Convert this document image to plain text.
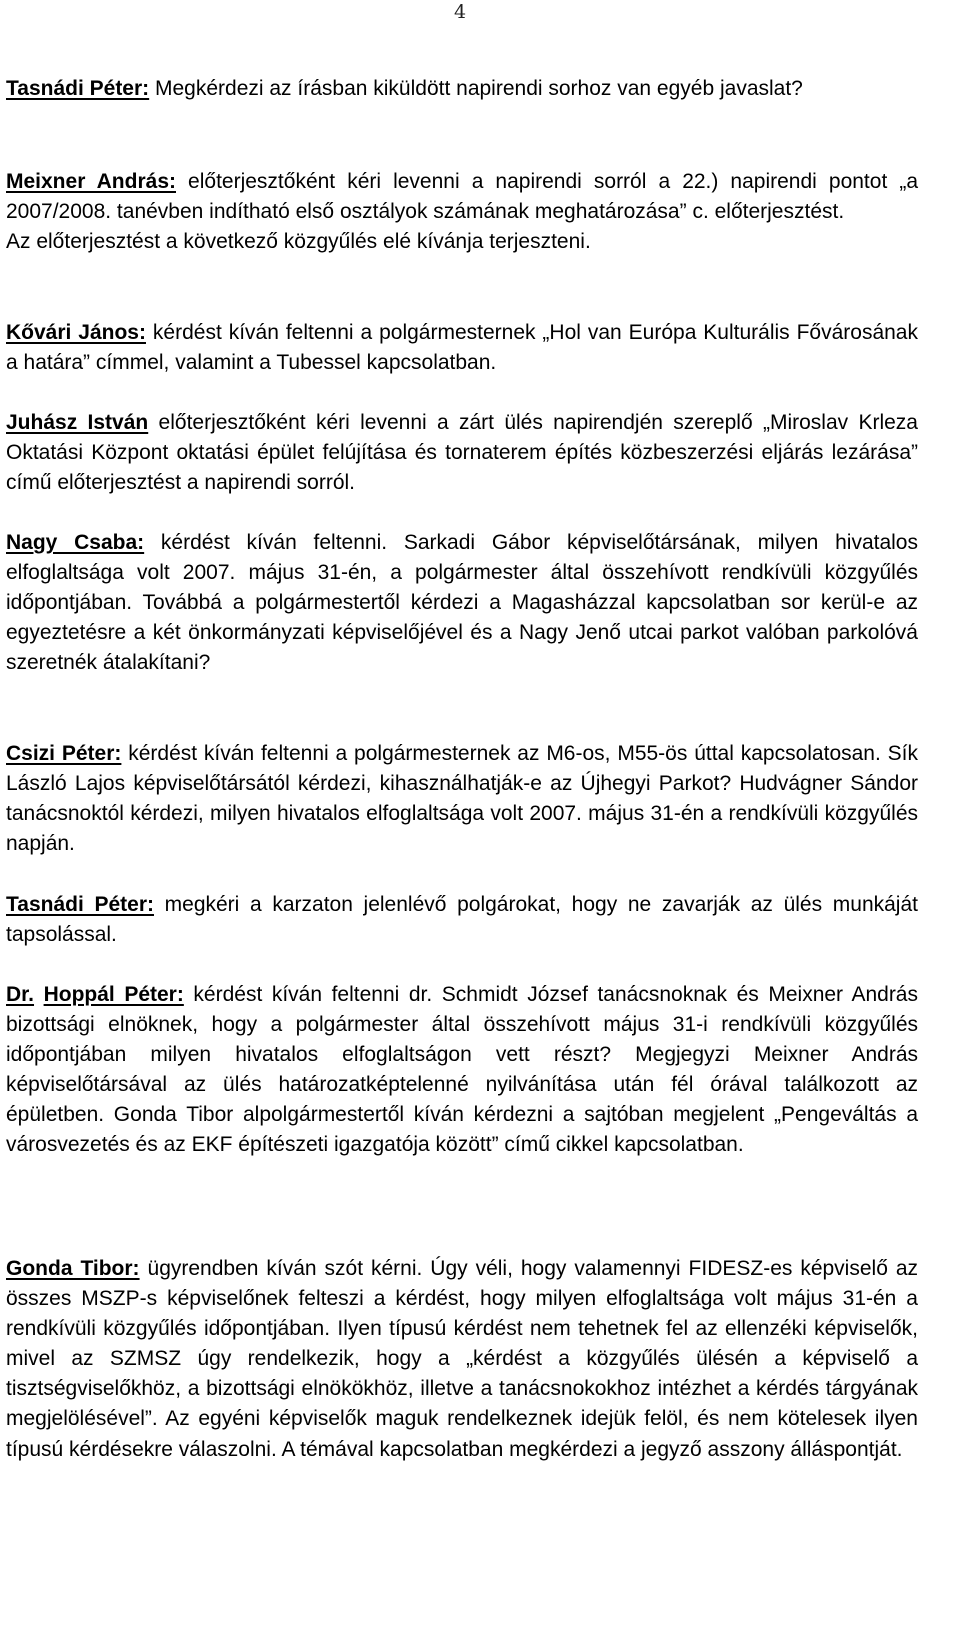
4

Tasnádi Péter: Megkérdezi az írásban kiküldött napirendi sorhoz van egyéb javaslat?

Meixner András: előterjesztőként kéri levenni a napirendi sorról a 22.) napirendi pontot „a 2007/2008. tanévben indítható első osztályok számának meghatározása” c. előterjesztést.
Az előterjesztést a következő közgyűlés elé kívánja terjeszteni.

Kővári János: kérdést kíván feltenni a polgármesternek „Hol van Európa Kulturális Fővárosának a határa” címmel, valamint a Tubessel kapcsolatban.

Juhász István előterjesztőként kéri levenni a zárt ülés napirendjén szereplő „Miroslav Krleza Oktatási Központ oktatási épület felújítása és tornaterem építés közbeszerzési eljárás lezárása” című előterjesztést a napirendi sorról.

Nagy Csaba: kérdést kíván feltenni. Sarkadi Gábor képviselőtársának, milyen hivatalos elfoglaltsága volt 2007. május 31-én, a polgármester által összehívott rendkívüli közgyűlés időpontjában. Továbbá a polgármestertől kérdezi a Magasházzal kapcsolatban sor kerül-e az egyeztetésre a két önkormányzati képviselőjével és a Nagy Jenő utcai parkot valóban parkolóvá szeretnék átalakítani?

Csizi Péter: kérdést kíván feltenni a polgármesternek az M6-os, M55-ös úttal kapcsolatosan. Sík László Lajos képviselőtársától kérdezi, kihasználhatják-e az Újhegyi Parkot? Hudvágner Sándor tanácsnoktól kérdezi, milyen hivatalos elfoglaltsága volt 2007. május 31-én a rendkívüli közgyűlés napján.

Tasnádi Péter: megkéri a karzaton jelenlévő polgárokat, hogy ne zavarják az ülés munkáját tapsolással.

Dr. Hoppál Péter: kérdést kíván feltenni dr. Schmidt József tanácsnoknak és Meixner András bizottsági elnöknek, hogy a polgármester által összehívott május 31-i rendkívüli közgyűlés időpontjában milyen hivatalos elfoglaltságon vett részt? Megjegyzi Meixner András képviselőtársával az ülés határozatképtelenné nyilvánítása után fél órával találkozott az épületben. Gonda Tibor alpolgármestertől kíván kérdezni a sajtóban megjelent „Pengeváltás a városvezetés és az EKF építészeti igazgatója között” című cikkel kapcsolatban.

Gonda Tibor: ügyrendben kíván szót kérni. Úgy véli, hogy valamennyi FIDESZ-es képviselő az összes MSZP-s képviselőnek felteszi a kérdést, hogy milyen elfoglaltsága volt május 31-én a rendkívüli közgyűlés időpontjában. Ilyen típusú kérdést nem tehetnek fel az ellenzéki képviselők, mivel az SZMSZ úgy rendelkezik, hogy a „kérdést a közgyűlés ülésén a képviselő a tisztségviselőkhöz, a bizottsági elnökökhöz, illetve a tanácsnokokhoz intézhet a kérdés tárgyának megjelölésével”. Az egyéni képviselők maguk rendelkeznek idejük felöl, és nem kötelesek ilyen típusú kérdésekre válaszolni. A témával kapcsolatban megkérdezi a jegyző asszony álláspontját.
